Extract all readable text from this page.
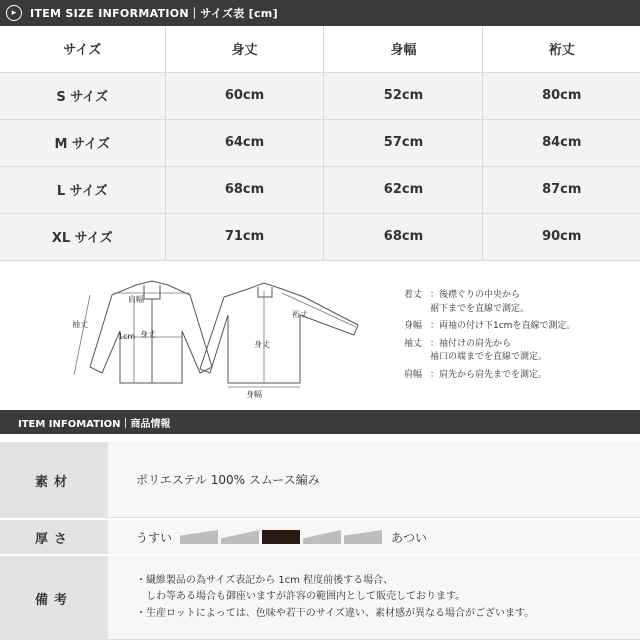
▸	ITEM SIZE INFORMATION｜サイズ表 [cm]
サイズ	身丈	身幅	裄丈
S サイズ	60cm	52cm	80cm
M サイズ	64cm	57cm	84cm
L サイズ	68cm	62cm	87cm
XL サイズ	71cm	68cm	90cm
肩幅
袖丈
1cm 身丈
裄丈
身丈
身幅
着丈 ：後襟ぐりの中央から
裾下までを直線で測定。
身幅 ：両袖の付け下1cmを直線で測定。
袖丈 ：袖付けの肩先から
袖口の端までを直線で測定。
肩幅 ：肩先から肩先までを測定。
ITEM INFOMATION｜商品情報
素材	ポリエステル 100% スムース編み
厚さ	うすい	あつい
備考
・繊維製品の為サイズ表記から 1cm 程度前後する場合、
　しわ等ある場合も御座いますが許容の範囲内として販売しております。
・生産ロットによっては、色味や若干のサイズ違い、素材感が異なる場合がございます。
